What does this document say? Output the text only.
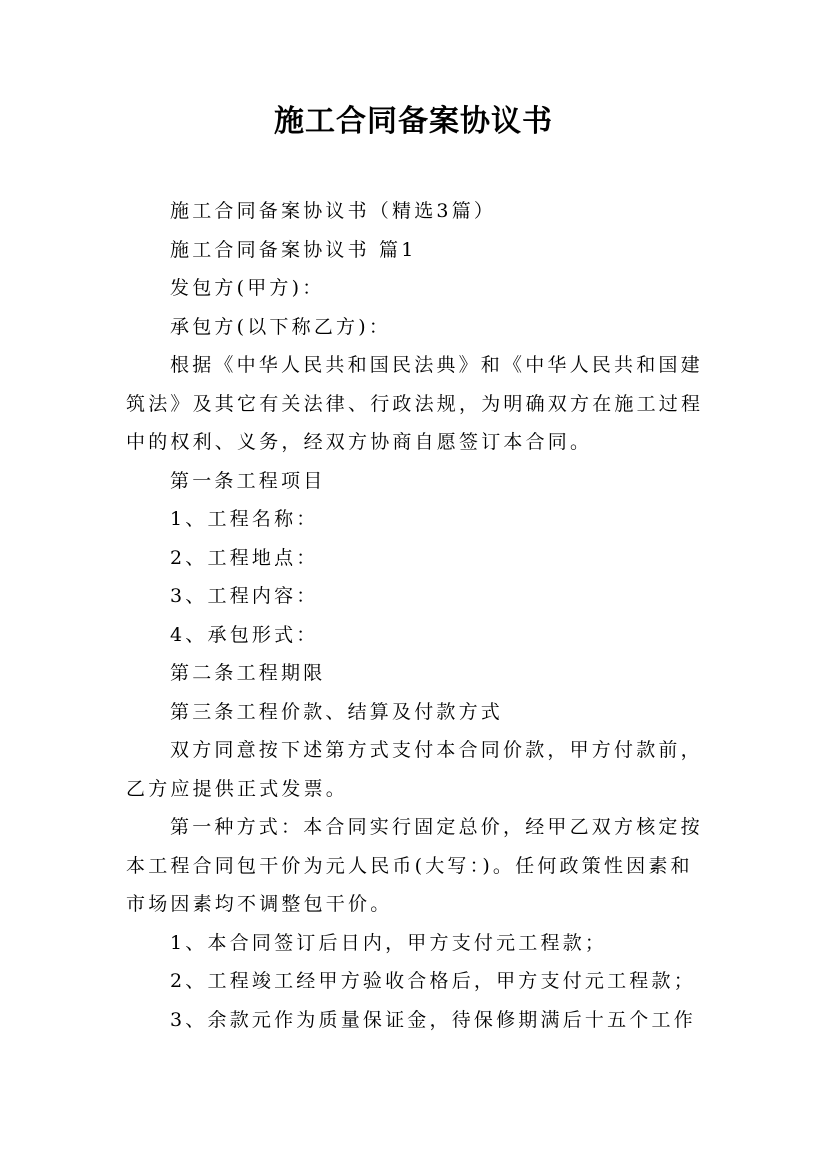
施工合同备案协议书

施工合同备案协议书（精选3篇）

施工合同备案协议书 篇1

发包方(甲方)：

承包方(以下称乙方)：

根据《中华人民共和国民法典》和《中华人民共和国建

筑法》及其它有关法律、行政法规，为明确双方在施工过程

中的权利、义务，经双方协商自愿签订本合同。

第一条工程项目

1、工程名称：

2、工程地点：

3、工程内容：

4、承包形式：

第二条工程期限

第三条工程价款、结算及付款方式

双方同意按下述第方式支付本合同价款，甲方付款前，

乙方应提供正式发票。

第一种方式：本合同实行固定总价，经甲乙双方核定按

本工程合同包干价为元人民币(大写：)。任何政策性因素和

市场因素均不调整包干价。

1、本合同签订后日内，甲方支付元工程款；

2、工程竣工经甲方验收合格后，甲方支付元工程款；

3、余款元作为质量保证金，待保修期满后十五个工作
